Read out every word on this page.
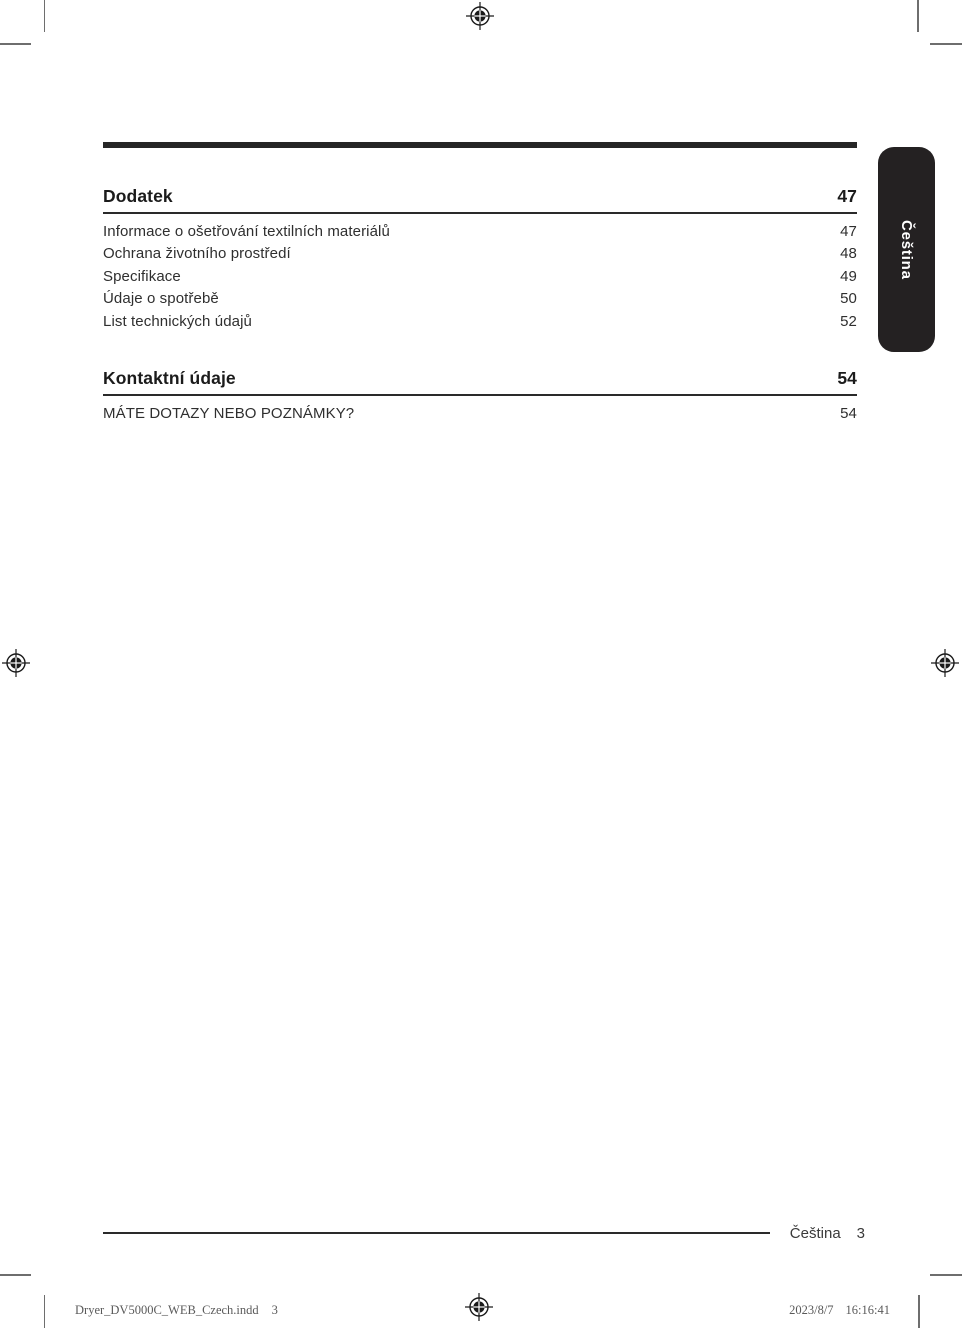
Čeština
Dodatek	47
Informace o ošetřování textilních materiálů	47
Ochrana životního prostředí	48
Specifikace	49
Údaje o spotřebě	50
List technických údajů	52
Kontaktní údaje	54
MÁTE DOTAZY NEBO POZNÁMKY?	54
Čeština 3
Dryer_DV5000C_WEB_Czech.indd 3	2023/8/7 16:16:41
